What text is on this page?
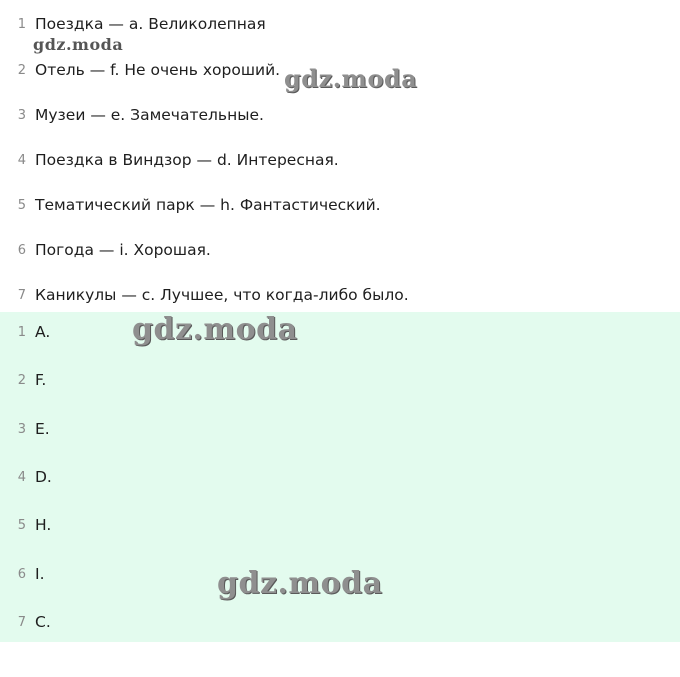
1 Поездка — a. Великолепная
2 Отель — f. Не очень хороший.
3 Музеи — e. Замечательные.
4 Поездка в Виндзор — d. Интересная.
5 Тематический парк — h. Фантастический.
6 Погода — i. Хорошая.
7 Каникулы — c. Лучшее, что когда-либо было.
1 A.
2 F.
3 E.
4 D.
5 H.
6 I.
7 C.
gdz.moda
gdz.moda
gdz.moda
gdz.moda
